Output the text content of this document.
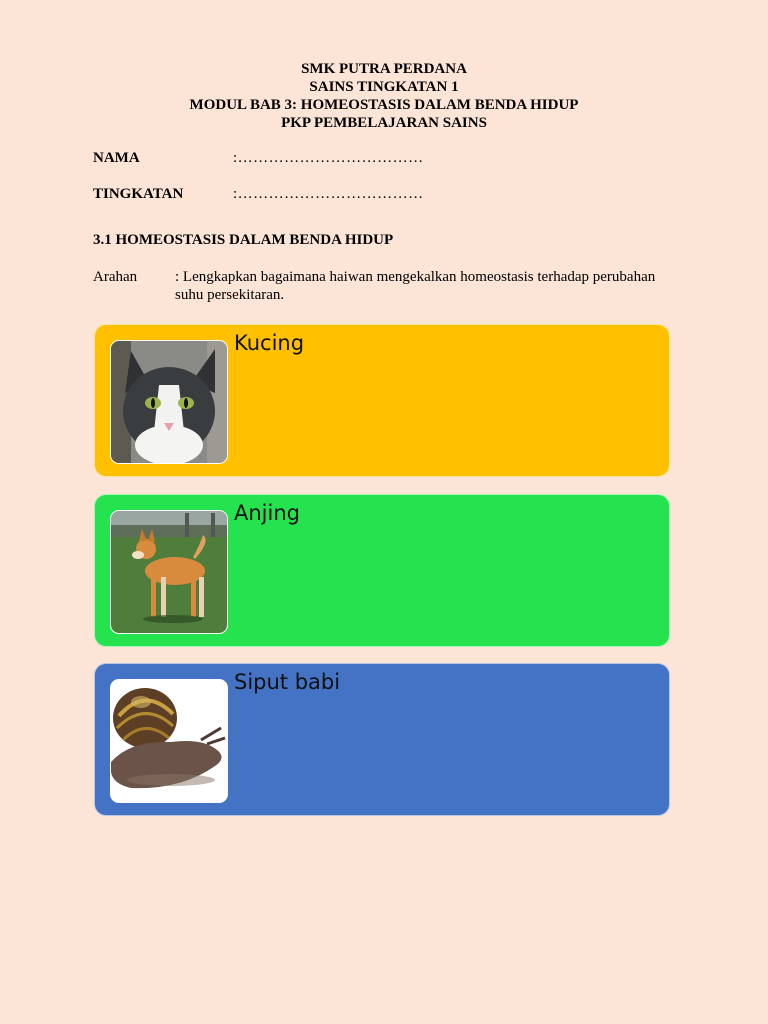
SMK PUTRA PERDANA
SAINS TINGKATAN 1
MODUL BAB 3: HOMEOSTASIS DALAM BENDA HIDUP
PKP PEMBELAJARAN SAINS
NAMA	:………………………………
TINGKATAN	:………………………………
3.1 HOMEOSTASIS DALAM BENDA HIDUP
Arahan	: Lengkapkan bagaimana haiwan mengekalkan homeostasis terhadap perubahan suhu persekitaran.
Kucing
Anjing
Siput babi
